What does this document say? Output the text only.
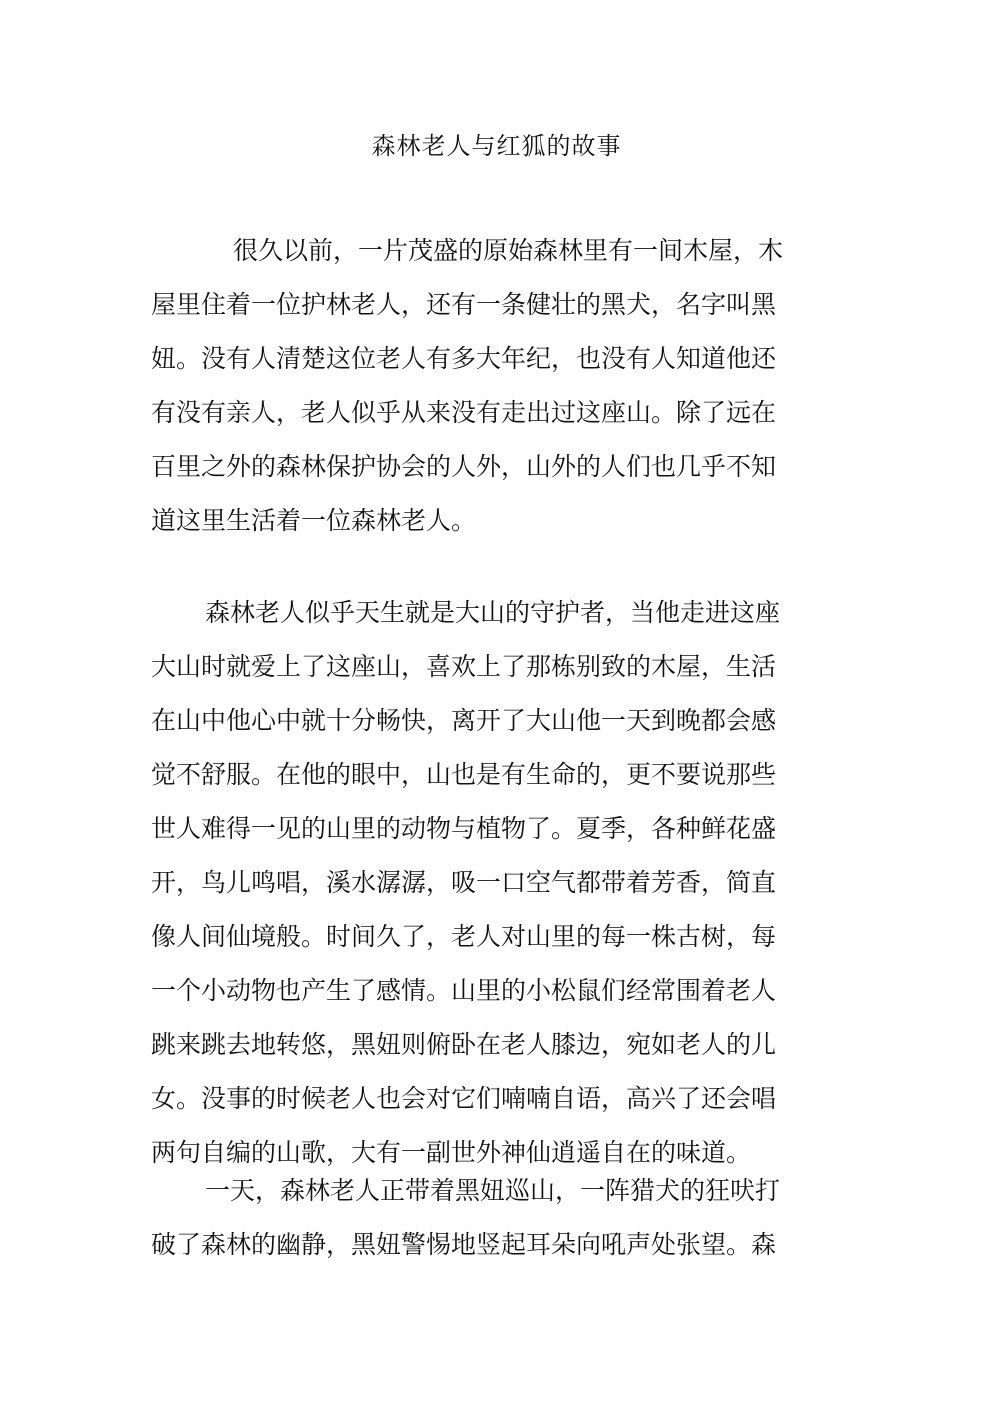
森林老人与红狐的故事
很久以前，一片茂盛的原始森林里有一间木屋，木
屋里住着一位护林老人，还有一条健壮的黑犬，名字叫黑
妞。没有人清楚这位老人有多大年纪，也没有人知道他还
有没有亲人，老人似乎从来没有走出过这座山。除了远在
百里之外的森林保护协会的人外，山外的人们也几乎不知
道这里生活着一位森林老人。
森林老人似乎天生就是大山的守护者，当他走进这座
大山时就爱上了这座山，喜欢上了那栋别致的木屋，生活
在山中他心中就十分畅快，离开了大山他一天到晚都会感
觉不舒服。在他的眼中，山也是有生命的，更不要说那些
世人难得一见的山里的动物与植物了。夏季，各种鲜花盛
开，鸟儿鸣唱，溪水潺潺，吸一口空气都带着芳香，简直
像人间仙境般。时间久了，老人对山里的每一株古树，每
一个小动物也产生了感情。山里的小松鼠们经常围着老人
跳来跳去地转悠，黑妞则俯卧在老人膝边，宛如老人的儿
女。没事的时候老人也会对它们喃喃自语，高兴了还会唱
两句自编的山歌，大有一副世外神仙逍遥自在的味道。
一天，森林老人正带着黑妞巡山，一阵猎犬的狂吠打
破了森林的幽静，黑妞警惕地竖起耳朵向吼声处张望。森
